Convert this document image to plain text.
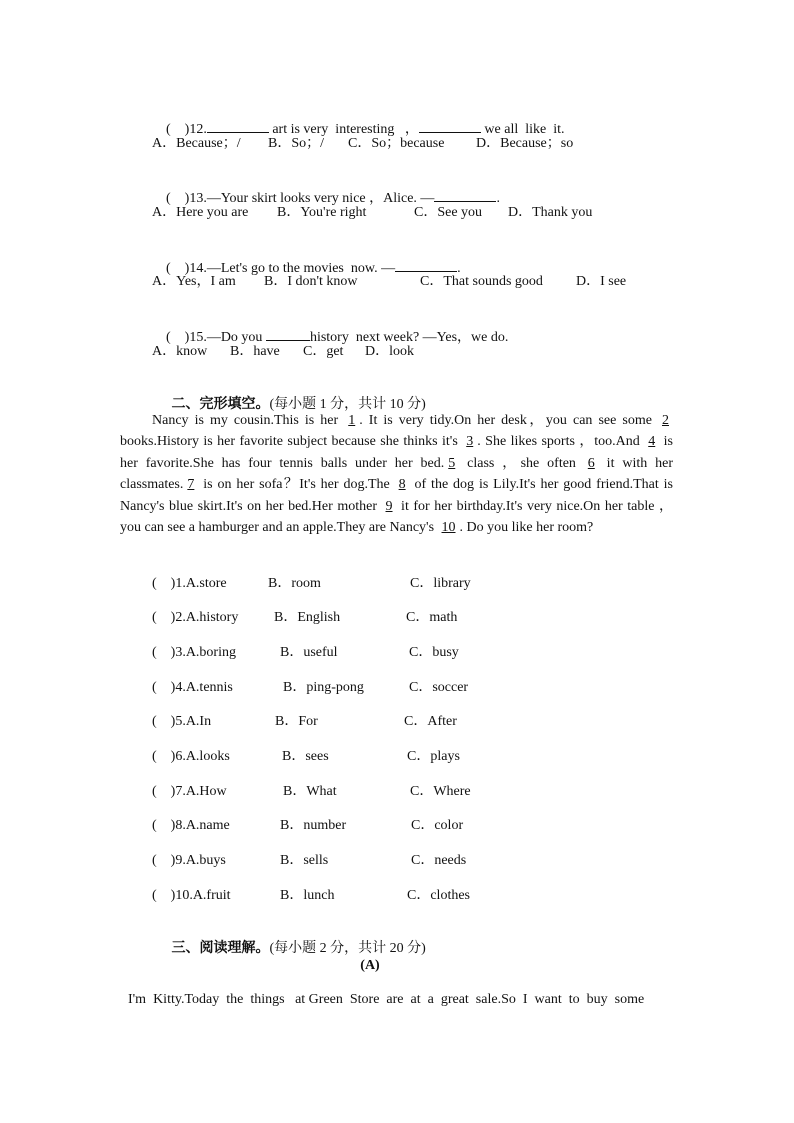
(    )12.	art is very  interesting   ，	we all  like  it.

A．Because；/ B．So；/ C．So；because D．Because；so

(    )13.—Your skirt looks very nice ，Alice. —	.

A．Here you are B．You're right	C．See you D．Thank you

(    )14.—Let's go to the movies  now. —	.

A．Yes，I am B．I don't know	C．That sounds good D．I see

(    )15.—Do you	history  next week? —Yes，we do.

A．know B．have C．get D．look

二、完形填空。(每小题 1 分，共计 10 分)

Nancy is my cousin.This is her 1 . It is very tidy.On her desk，you can see some 2 books.History is her favorite subject because she thinks it's 3 . She likes sports ，too.And 4 is her favorite.She has four tennis balls under her bed. 5 class ，she often 6 it with her classmates. 7 is on her sofa？It's her dog.The 8 of the dog is Lily.It's her good friend.That is Nancy's blue skirt.It's on her bed.Her mother 9 it for her birthday.It's very nice.On her table ，you can see a hamburger and an apple.They are Nancy's 10 . Do you like her room?
(    )1.A.store	B．room	C．library
(    )2.A.history	B．English	C．math
(    )3.A.boring	B．useful	C．busy
(    )4.A.tennis	B．ping-pong	C．soccer
(    )5.A.In	B．For	C．After
(    )6.A.looks	B．sees	C．plays
(    )7.A.How	B．What	C．Where
(    )8.A.name	B．number	C．color
(    )9.A.buys	B．sells	C．needs
(    )10.A.fruit	B．lunch	C．clothes

三、阅读理解。(每小题 2 分，共计 20 分)

(A)
I'm  Kitty.Today  the  things   at Green  Store  are  at  a  great  sale.So  I  want  to  buy  some
